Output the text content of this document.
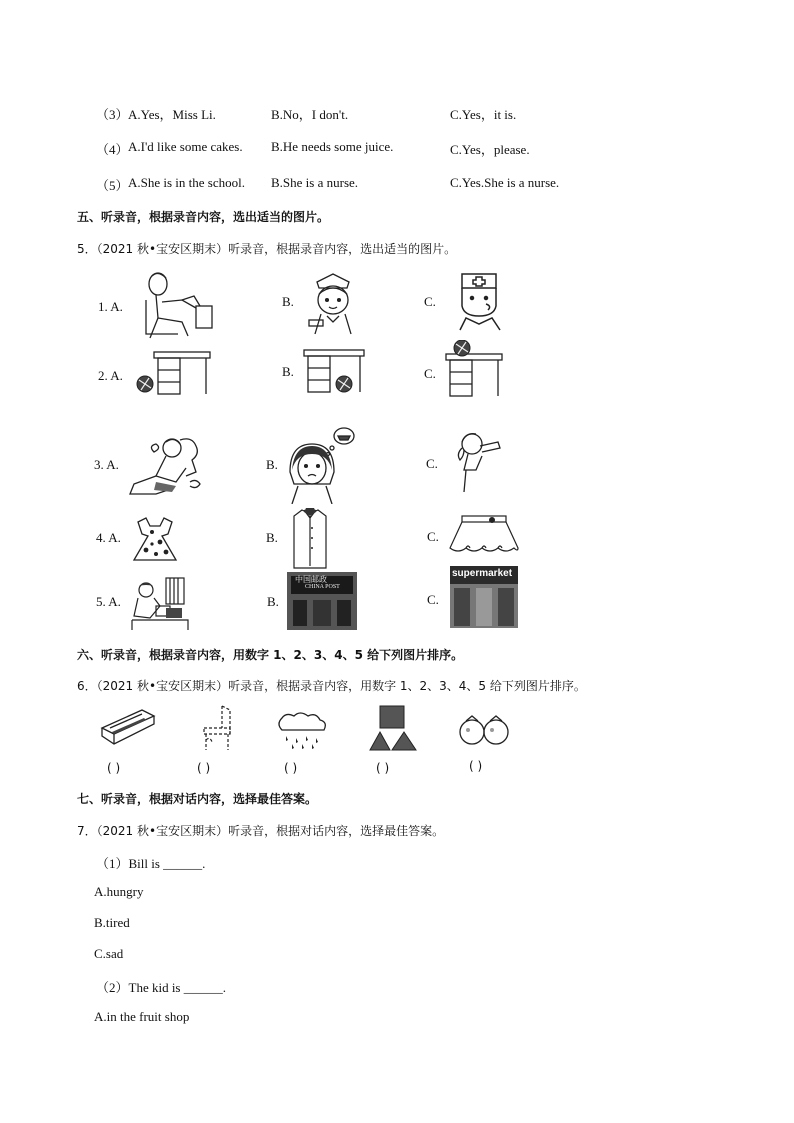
（3） A.Yes，Miss Li.	B.No，I don't.	C.Yes，it is.
（4） A.I'd like some cakes. B.He needs some juice.	C.Yes，please.
（5） A.She is in the school. B.She is a nurse.	C.Yes.She is a nurse.
五、听录音，根据录音内容，选出适当的图片。
5．（2021 秋•宝安区期末）听录音，根据录音内容，选出适当的图片。
1. A.	B.	C.
2. A.	B.	C.
3. A.	B.	C.
4. A.	B.	C.
5. A.	B.	C.
中国邮政
CHINA POST
supermarket
六、听录音，根据录音内容，用数字 1、2、3、4、5 给下列图片排序。
6．（2021 秋•宝安区期末）听录音，根据录音内容，用数字 1、2、3、4、5 给下列图片排序。
( )	( )	( )	( )	( )
七、听录音，根据对话内容，选择最佳答案。
7．（2021 秋•宝安区期末）听录音，根据对话内容，选择最佳答案。
（1）Bill is ______.
A.hungry
B.tired
C.sad
（2）The kid is ______.
A.in the fruit shop
